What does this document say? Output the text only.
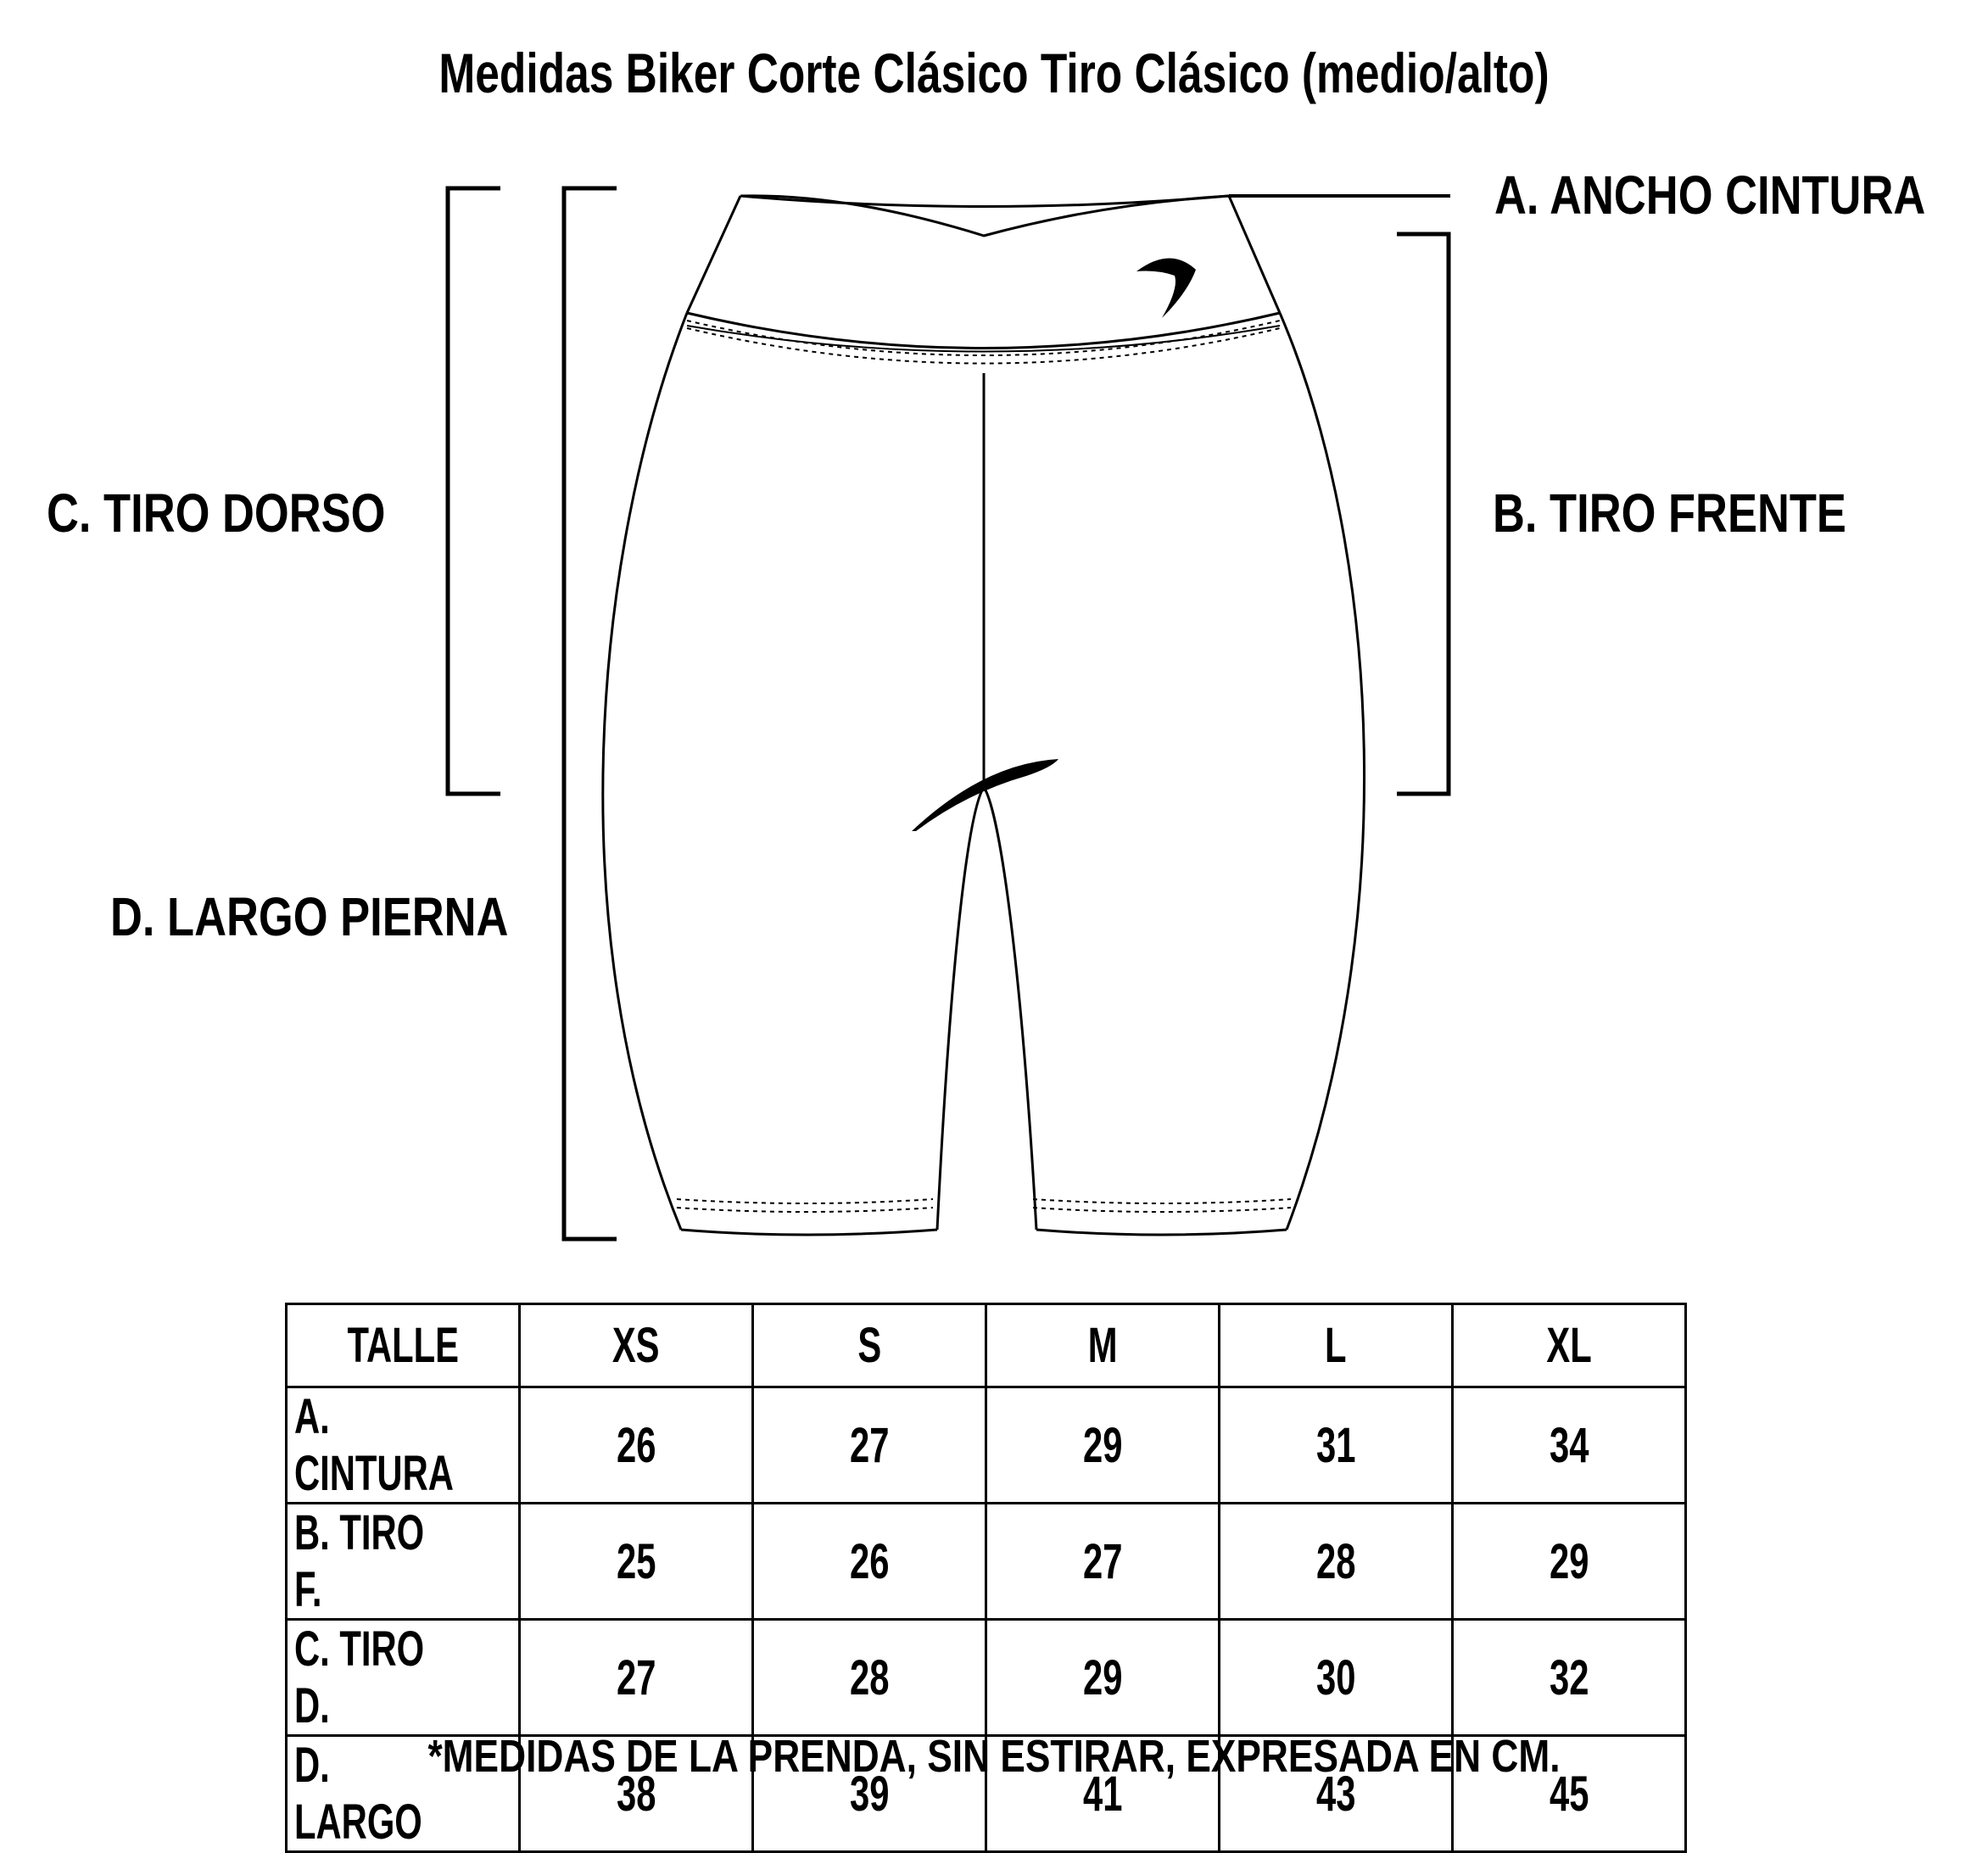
Medidas Biker Corte Clásico Tiro Clásico (medio/alto)
A. ANCHO CINTURA
B. TIRO FRENTE
C. TIRO DORSO
D. LARGO PIERNA
TALLE	XS	S	M	L	XL
A. CINTURA	26	27	29	31	34
B. TIRO F.	25	26	27	28	29
C. TIRO D.	27	28	29	30	32
D. LARGO	38	39	41	43	45
*MEDIDAS DE LA PRENDA, SIN ESTIRAR, EXPRESADA EN CM.
